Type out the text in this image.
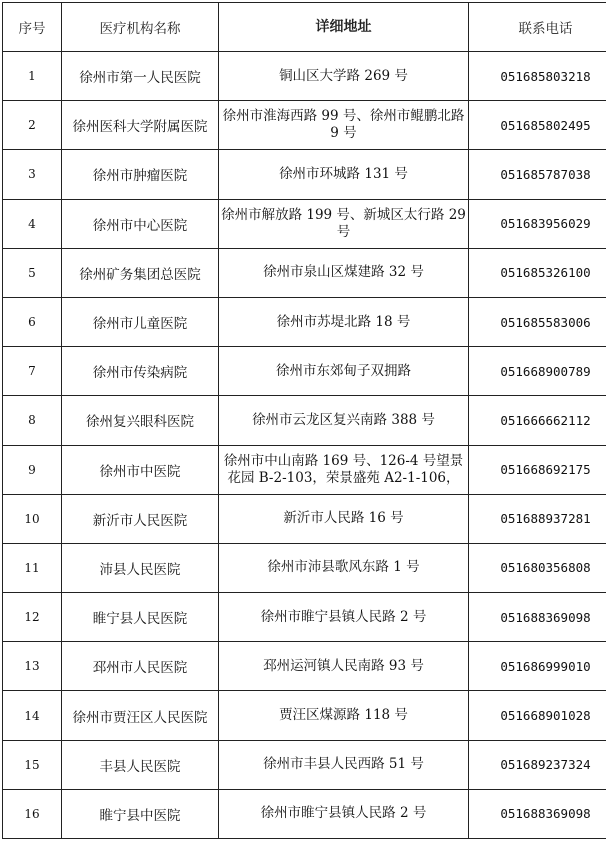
序号	医疗机构名称	详细地址	联系电话
1	徐州市第一人民医院	铜山区大学路 269 号	051685803218
2	徐州医科大学附属医院	徐州市淮海西路 99 号、徐州市鲲鹏北路 9 号	051685802495
3	徐州市肿瘤医院	徐州市环城路 131 号	051685787038
4	徐州市中心医院	徐州市解放路 199 号、新城区太行路 29 号	051683956029
5	徐州矿务集团总医院	徐州市泉山区煤建路 32 号	051685326100
6	徐州市儿童医院	徐州市苏堤北路 18 号	051685583006
7	徐州市传染病院	徐州市东郊甸子双拥路	051668900789
8	徐州复兴眼科医院	徐州市云龙区复兴南路 388 号	051666662112
9	徐州市中医院	徐州市中山南路 169 号、126-4 号望景花园 B-2-103，荣景盛苑 A2-1-106，	051668692175
10	新沂市人民医院	新沂市人民路 16 号	051688937281
11	沛县人民医院	徐州市沛县歌风东路 1 号	051680356808
12	睢宁县人民医院	徐州市睢宁县镇人民路 2 号	051688369098
13	邳州市人民医院	邳州运河镇人民南路 93 号	051686999010
14	徐州市贾汪区人民医院	贾汪区煤源路 118 号	051668901028
15	丰县人民医院	徐州市丰县人民西路 51 号	051689237324
16	睢宁县中医院	徐州市睢宁县镇人民路 2 号	051688369098
